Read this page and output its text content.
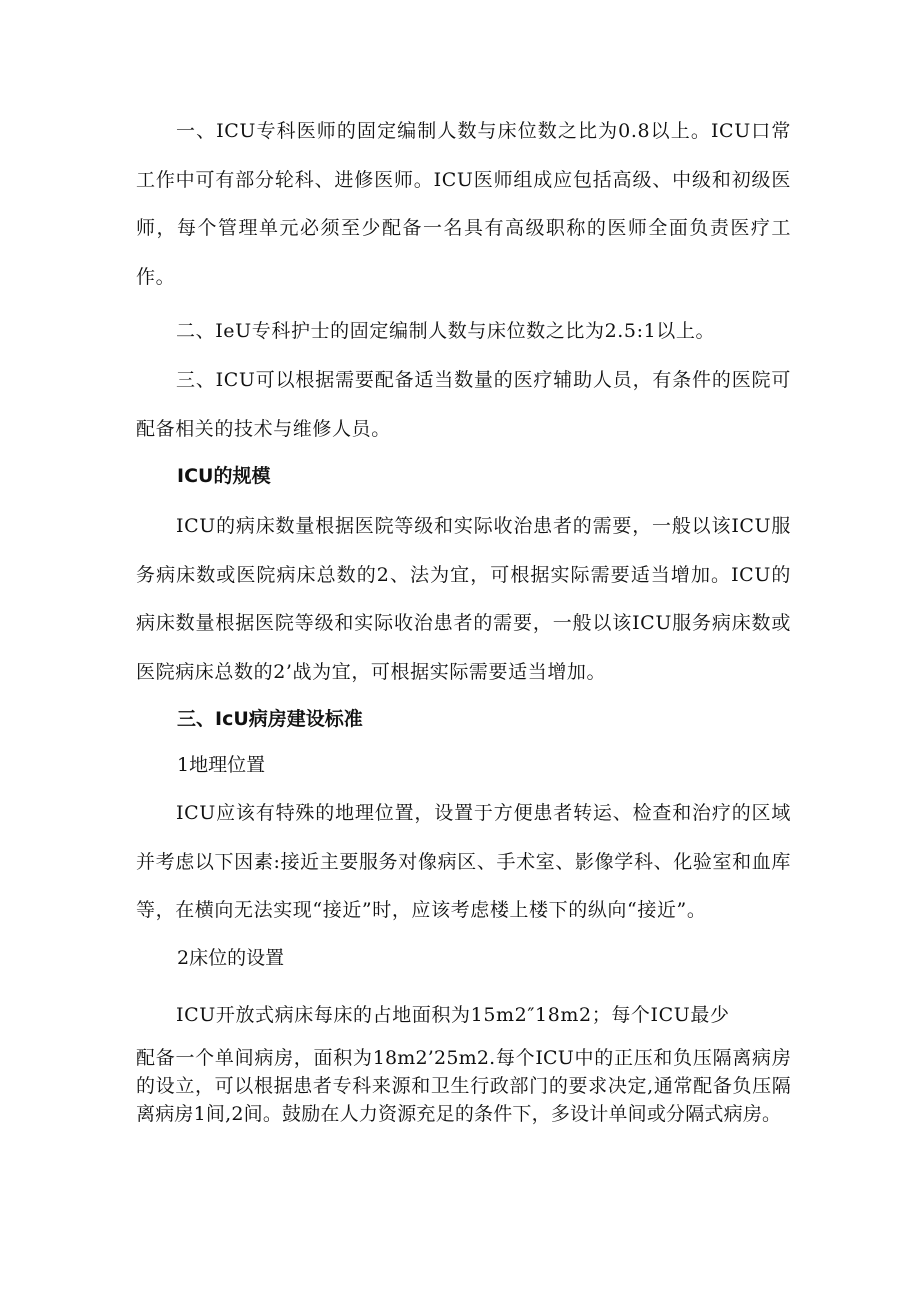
一、ICU专科医师的固定编制人数与床位数之比为0.8以上。ICU口常工作中可有部分轮科、进修医师。ICU医师组成应包括高级、中级和初级医师，每个管理单元必须至少配备一名具有高级职称的医师全面负责医疗工作。

二、IeU专科护士的固定编制人数与床位数之比为2.5:1以上。

三、ICU可以根据需要配备适当数量的医疗辅助人员，有条件的医院可配备相关的技术与维修人员。

ICU的规模

ICU的病床数量根据医院等级和实际收治患者的需要，一般以该ICU服务病床数或医院病床总数的2、法为宜，可根据实际需要适当增加。ICU的病床数量根据医院等级和实际收治患者的需要，一般以该ICU服务病床数或医院病床总数的2’战为宜，可根据实际需要适当增加。

三、IcU病房建设标准

1地理位置

ICU应该有特殊的地理位置，设置于方便患者转运、检查和治疗的区域并考虑以下因素:接近主要服务对像病区、手术室、影像学科、化验室和血库等，在横向无法实现“接近”时，应该考虑楼上楼下的纵向“接近”。

2床位的设置

ICU开放式病床每床的占地面积为15m2″18m2；每个ICU最少

配备一个单间病房，面积为18m2’25m2.每个ICU中的正压和负压隔离病房的设立，可以根据患者专科来源和卫生行政部门的要求决定,通常配备负压隔离病房1间,2间。鼓励在人力资源充足的条件下，多设计单间或分隔式病房。
